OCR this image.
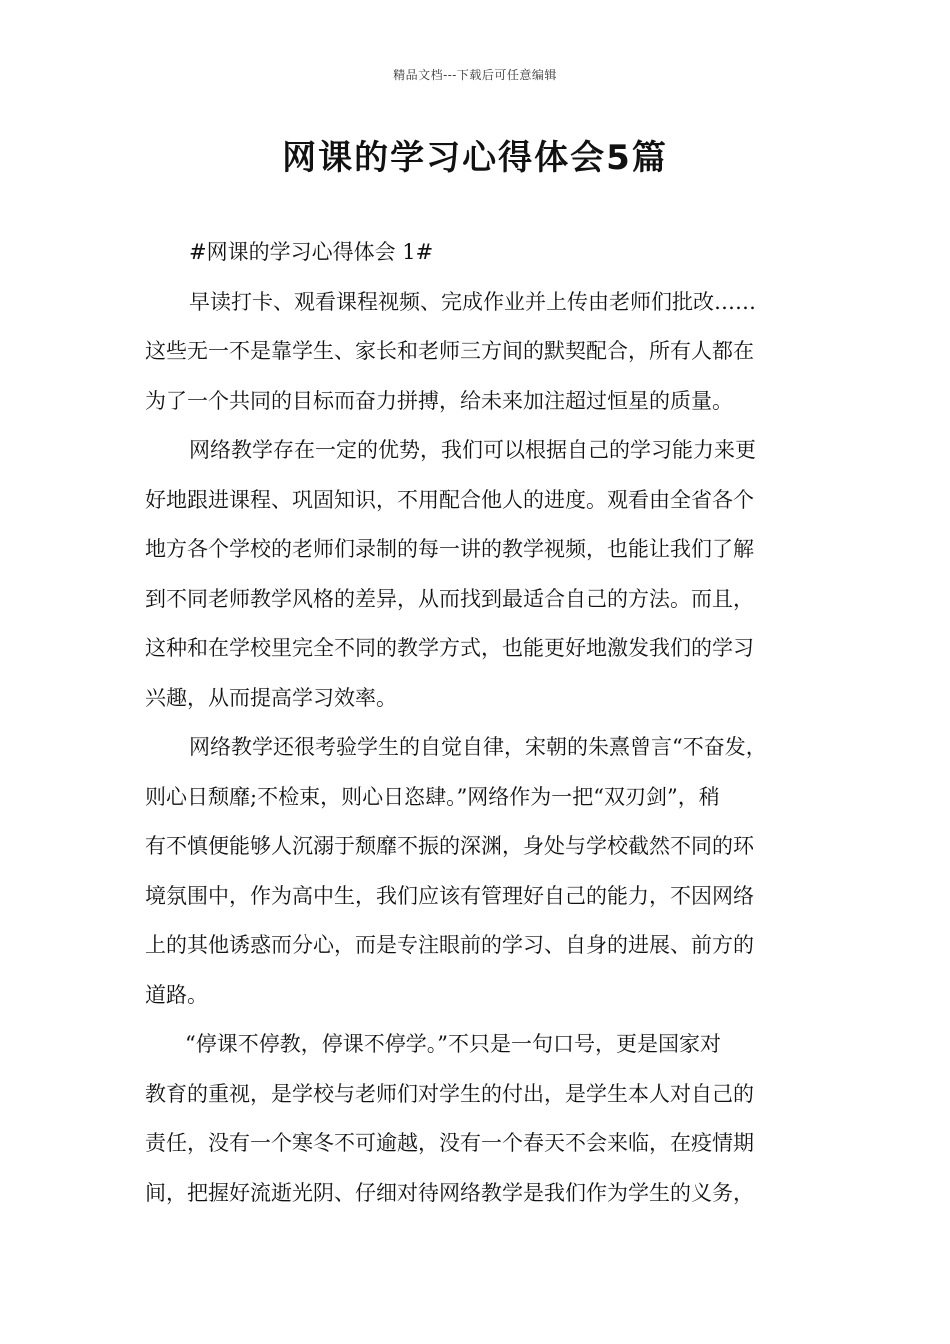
精品文档---下载后可任意编辑
网课的学习心得体会5篇
#网课的学习心得体会 1#
早读打卡、观看课程视频、完成作业并上传由老师们批改……
这些无一不是靠学生、家长和老师三方间的默契配合，所有人都在
为了一个共同的目标而奋力拼搏，给未来加注超过恒星的质量。
网络教学存在一定的优势，我们可以根据自己的学习能力来更
好地跟进课程、巩固知识，不用配合他人的进度。观看由全省各个
地方各个学校的老师们录制的每一讲的教学视频，也能让我们了解
到不同老师教学风格的差异，从而找到最适合自己的方法。而且，
这种和在学校里完全不同的教学方式，也能更好地激发我们的学习
兴趣，从而提高学习效率。
网络教学还很考验学生的自觉自律，宋朝的朱熹曾言“不奋发，
则心日颓靡;不检束，则心日恣肆。”网络作为一把“双刃剑”，稍
有不慎便能够人沉溺于颓靡不振的深渊，身处与学校截然不同的环
境氛围中，作为高中生，我们应该有管理好自己的能力，不因网络
上的其他诱惑而分心，而是专注眼前的学习、自身的进展、前方的
道路。
“停课不停教，停课不停学。”不只是一句口号，更是国家对
教育的重视，是学校与老师们对学生的付出，是学生本人对自己的
责任，没有一个寒冬不可逾越，没有一个春天不会来临，在疫情期
间，把握好流逝光阴、仔细对待网络教学是我们作为学生的义务，
